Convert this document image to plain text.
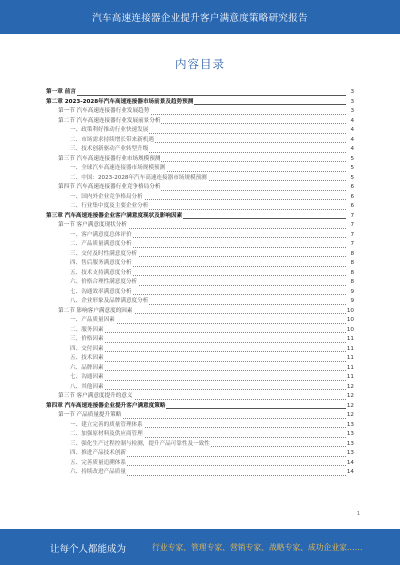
汽车高速连接器企业提升客户满意度策略研究报告
内容目录
第一章 前言	3
第二章 2023-2028年汽车高速连接器市场前景及趋势预测	3
第一节 汽车高速连接器行业发展趋势	3
第二节 汽车高速连接器行业发展前景分析	4
一、政策利好推动行业快速发展	4
二、市场需求持续增长带来新机遇	4
三、技术创新驱动产业转型升级	4
第三节 汽车高速连接器行业市场规模预测	5
一、全球汽车高速连接器市场规模预测	5
二、中国：2023-2028年汽车高速连接器市场规模预测	5
第四节 汽车高速连接器行业竞争格局分析	6
一、国内外企业竞争格局分析	6
二、行业集中度及主要企业分析	6
第三章 汽车高速连接器企业客户满意度现状及影响因素	7
第一节 客户满意度现状分析	7
一、客户满意度总体评价	7
二、产品质量满意度分析	7
三、交付及时性满意度分析	8
四、售后服务满意度分析	8
五、技术支持满意度分析	8
六、价格合理性满意度分析	8
七、沟通效率满意度分析	9
八、企业形象及品牌满意度分析	9
第二节 影响客户满意度的因素	10
一、产品质量因素	10
二、服务因素	10
三、价格因素	11
四、交付因素	11
五、技术因素	11
六、品牌因素	11
七、沟通因素	11
八、其他因素	12
第三节 客户满意度提升的意义	12
第四章 汽车高速连接器企业提升客户满意度策略	12
第一节 产品质量提升策略	12
一、建立完善的质量管理体系	13
二、加强原材料及供应商管理	13
三、强化生产过程控制与检测，提升产品可靠性及一致性	13
四、推进产品技术创新	13
五、完善质量追溯体系	14
六、持续改进产品质量	14
1
让每个人都能成为	行业专家、管理专家、营销专家、战略专家、成功企业家……
